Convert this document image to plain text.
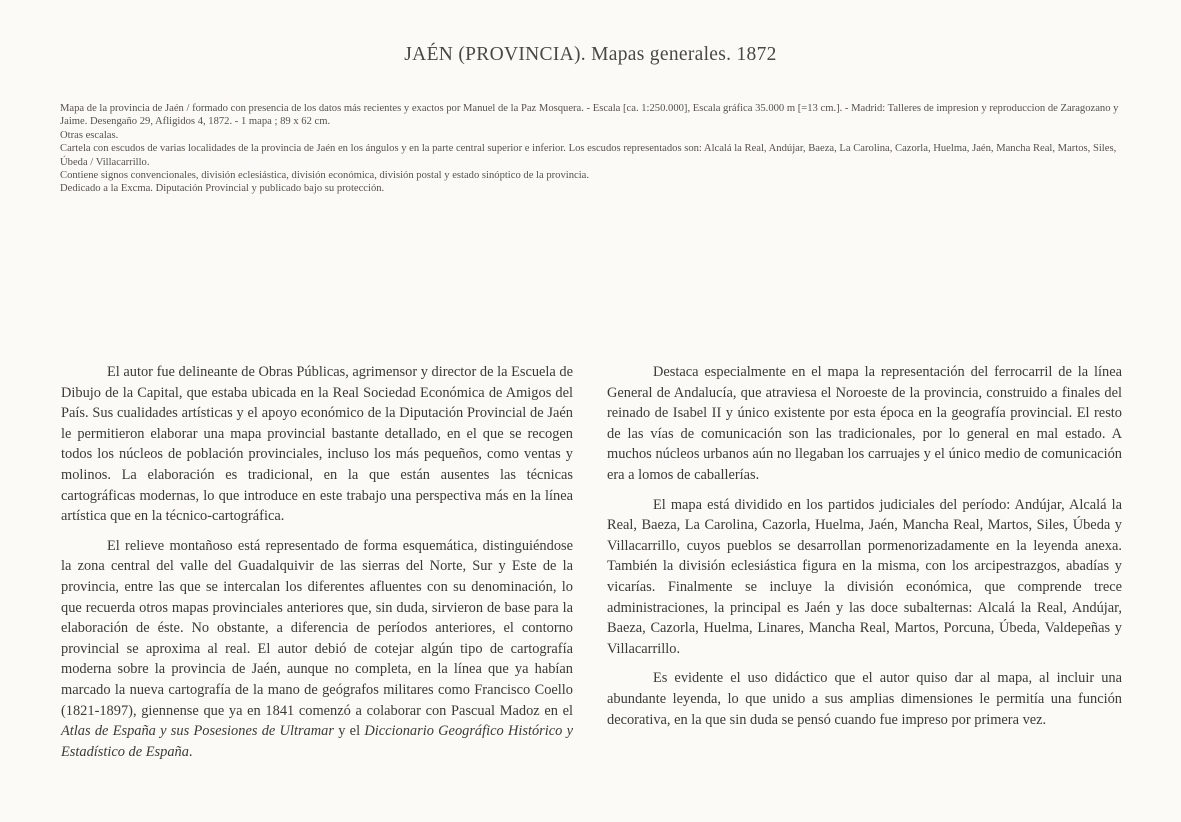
JAÉN (PROVINCIA). Mapas generales. 1872

Mapa de la provincia de Jaén / formado con presencia de los datos más recientes y exactos por Manuel de la Paz Mosquera. - Escala [ca. 1:250.000], Escala gráfica 35.000 m [=13 cm.]. - Madrid: Talleres de impresion y reproduccion de Zaragozano y Jaime. Desengaño 29, Afligidos 4, 1872. - 1 mapa ; 89 x 62 cm.

Otras escalas.

Cartela con escudos de varias localidades de la provincia de Jaén en los ángulos y en la parte central superior e inferior. Los escudos representados son: Alcalá la Real, Andújar, Baeza, La Carolina, Cazorla, Huelma, Jaén, Mancha Real, Martos, Siles, Úbeda / Villacarrillo.

Contiene signos convencionales, división eclesiástica, división económica, división postal y estado sinóptico de la provincia.

Dedicado a la Excma. Diputación Provincial y publicado bajo su protección.

El autor fue delineante de Obras Públicas, agrimensor y director de la Escuela de Dibujo de la Capital, que estaba ubicada en la Real Sociedad Económica de Amigos del País. Sus cualidades artísticas y el apoyo económico de la Diputación Provincial de Jaén le permitieron elaborar una mapa provincial bastante detallado, en el que se recogen todos los núcleos de población provinciales, incluso los más pequeños, como ventas y molinos. La elaboración es tradicional, en la que están ausentes las técnicas cartográficas modernas, lo que introduce en este trabajo una perspectiva más en la línea artística que en la técnico-cartográfica.

El relieve montañoso está representado de forma esquemática, distinguiéndose la zona central del valle del Guadalquivir de las sierras del Norte, Sur y Este de la provincia, entre las que se intercalan los diferentes afluentes con su denominación, lo que recuerda otros mapas provinciales anteriores que, sin duda, sirvieron de base para la elaboración de éste. No obstante, a diferencia de períodos anteriores, el contorno provincial se aproxima al real. El autor debió de cotejar algún tipo de cartografía moderna sobre la provincia de Jaén, aunque no completa, en la línea que ya habían marcado la nueva cartografía de la mano de geógrafos militares como Francisco Coello (1821-1897), giennense que ya en 1841 comenzó a colaborar con Pascual Madoz en el Atlas de España y sus Posesiones de Ultramar y el Diccionario Geográfico Histórico y Estadístico de España.

Destaca especialmente en el mapa la representación del ferrocarril de la línea General de Andalucía, que atraviesa el Noroeste de la provincia, construido a finales del reinado de Isabel II y único existente por esta época en la geografía provincial. El resto de las vías de comunicación son las tradicionales, por lo general en mal estado. A muchos núcleos urbanos aún no llegaban los carruajes y el único medio de comunicación era a lomos de caballerías.

El mapa está dividido en los partidos judiciales del período: Andújar, Alcalá la Real, Baeza, La Carolina, Cazorla, Huelma, Jaén, Mancha Real, Martos, Siles, Úbeda y Villacarrillo, cuyos pueblos se desarrollan pormenorizadamente en la leyenda anexa. También la división eclesiástica figura en la misma, con los arcipestrazgos, abadías y vicarías. Finalmente se incluye la división económica, que comprende trece administraciones, la principal es Jaén y las doce subalternas: Alcalá la Real, Andújar, Baeza, Cazorla, Huelma, Linares, Mancha Real, Martos, Porcuna, Úbeda, Valdepeñas y Villacarrillo.

Es evidente el uso didáctico que el autor quiso dar al mapa, al incluir una abundante leyenda, lo que unido a sus amplias dimensiones le permitía una función decorativa, en la que sin duda se pensó cuando fue impreso por primera vez.
